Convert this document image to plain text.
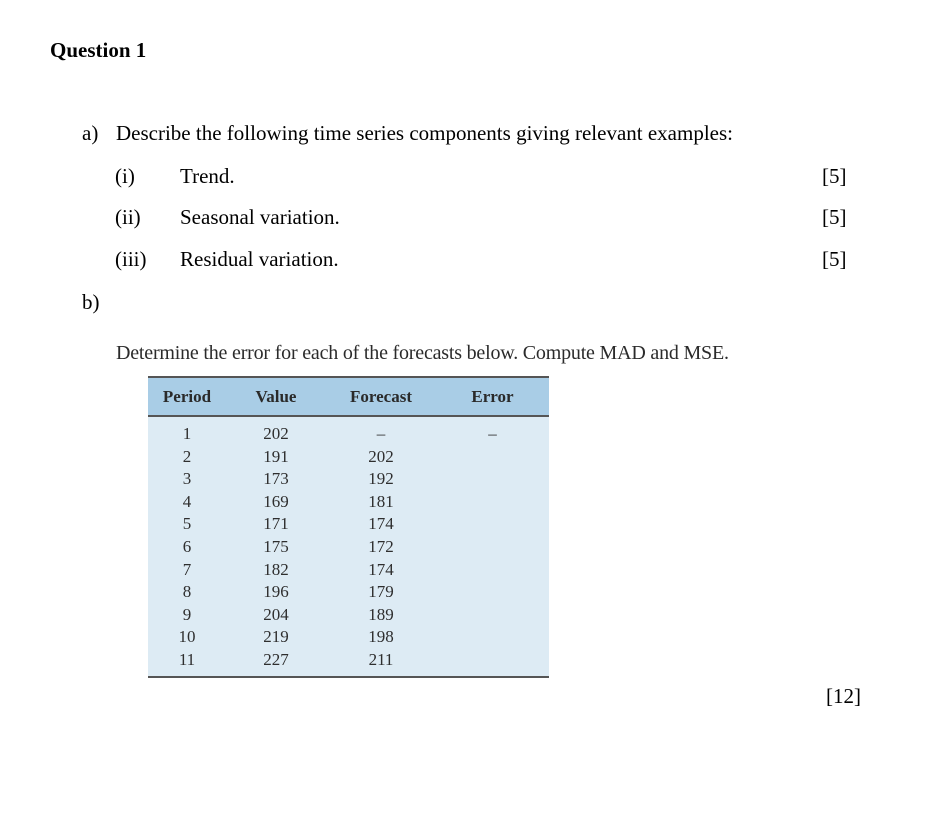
Question 1
a) Describe the following time series components giving relevant examples:
(i) Trend.	[5]
(ii) Seasonal variation.	[5]
(iii) Residual variation.	[5]
b)
Determine the error for each of the forecasts below. Compute MAD and MSE.
Period	Value	Forecast	Error
1	202	–	–
2	191	202	
3	173	192	
4	169	181	
5	171	174	
6	175	172	
7	182	174	
8	196	179	
9	204	189	
10	219	198	
11	227	211	
[12]
